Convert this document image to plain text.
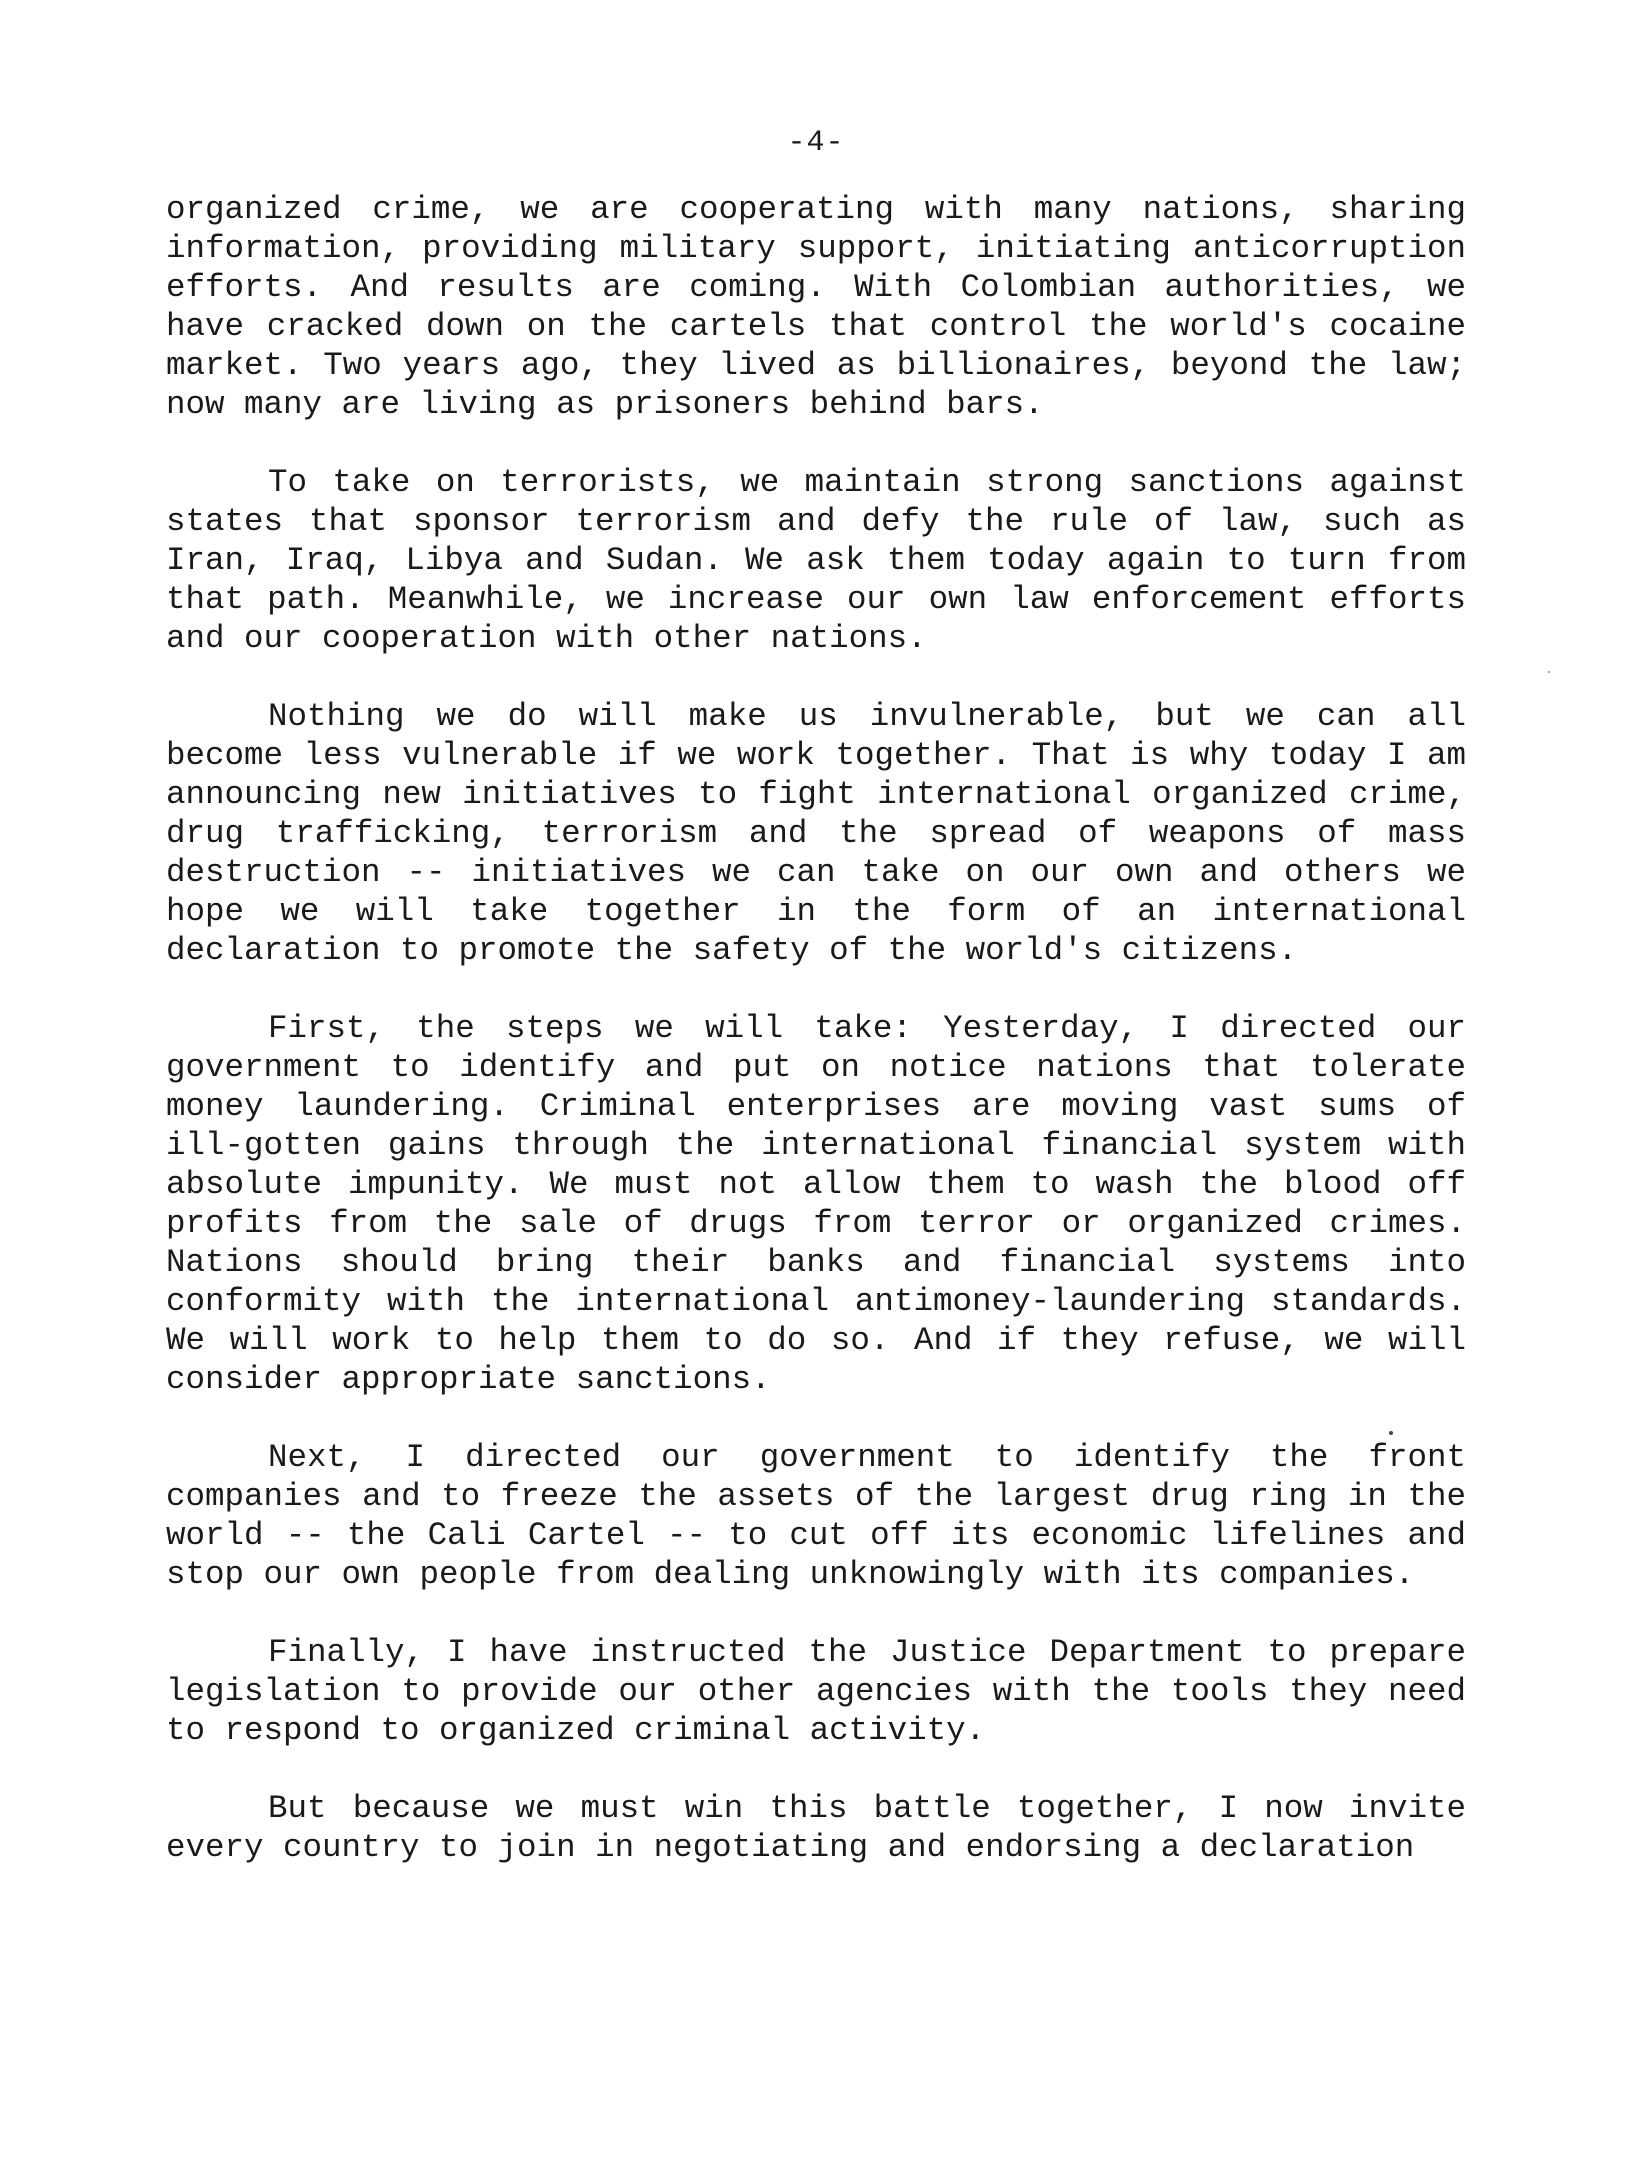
-4-

organized crime, we are cooperating with many nations, sharing information, providing military support, initiating anticorruption efforts. And results are coming. With Colombian authorities, we have cracked down on the cartels that control the world's cocaine market. Two years ago, they lived as billionaires, beyond the law; now many are living as prisoners behind bars.

To take on terrorists, we maintain strong sanctions against states that sponsor terrorism and defy the rule of law, such as Iran, Iraq, Libya and Sudan. We ask them today again to turn from that path. Meanwhile, we increase our own law enforcement efforts and our cooperation with other nations.

Nothing we do will make us invulnerable, but we can all become less vulnerable if we work together. That is why today I am announcing new initiatives to fight international organized crime, drug trafficking, terrorism and the spread of weapons of mass destruction -- initiatives we can take on our own and others we hope we will take together in the form of an international declaration to promote the safety of the world's citizens.

First, the steps we will take: Yesterday, I directed our government to identify and put on notice nations that tolerate money laundering. Criminal enterprises are moving vast sums of ill-gotten gains through the international financial system with absolute impunity. We must not allow them to wash the blood off profits from the sale of drugs from terror or organized crimes. Nations should bring their banks and financial systems into conformity with the international antimoney-laundering standards. We will work to help them to do so. And if they refuse, we will consider appropriate sanctions.

Next, I directed our government to identify the front companies and to freeze the assets of the largest drug ring in the world -- the Cali Cartel -- to cut off its economic lifelines and stop our own people from dealing unknowingly with its companies.

Finally, I have instructed the Justice Department to prepare legislation to provide our other agencies with the tools they need to respond to organized criminal activity.

But because we must win this battle together, I now invite every country to join in negotiating and endorsing a declaration
